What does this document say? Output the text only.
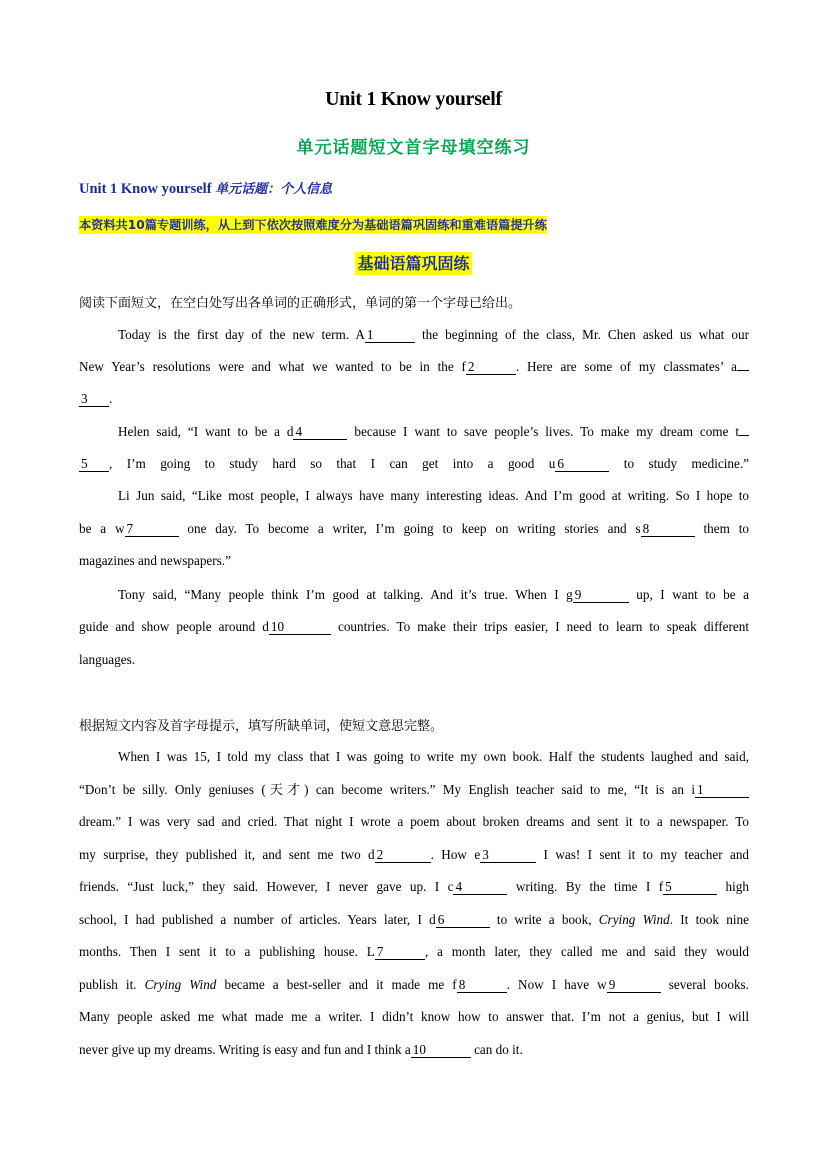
Unit 1 Know yourself
单元话题短文首字母填空练习
Unit 1 Know yourself 单元话题：个人信息
本资料共10篇专题训练，从上到下依次按照难度分为基础语篇巩固练和重难语篇提升练
基础语篇巩固练
阅读下面短文，在空白处写出各单词的正确形式，单词的第一个字母已给出。
Today is the first day of the new term. A 1	the beginning of the class, Mr. Chen asked us what our
New Year’s resolutions were and what we wanted to be in the f 2	. Here are some of my classmates’ a
3 .
Helen said, “I want to be a d 4	because I want to save people’s lives. To make my dream come t
5 , I’m going to study hard so that I can get into a good u 6	to study medicine.”
Li Jun said, “Like most people, I always have many interesting ideas. And I’m good at writing. So I hope to
be a w 7	one day. To become a writer, I’m going to keep on writing stories and s 8	them to
magazines and newspapers.”
Tony said, “Many people think I’m good at talking. And it’s true. When I g 9	up, I want to be a
guide and show people around d 10	countries. To make their trips easier, I need to learn to speak different
languages.
根据短文内容及首字母提示，填写所缺单词，使短文意思完整。
When I was 15, I told my class that I was going to write my own book. Half the students laughed and said,
“Don’t be silly. Only geniuses (天才) can become writers.” My English teacher said to me, “It is an i 1
dream.” I was very sad and cried. That night I wrote a poem about broken dreams and sent it to a newspaper. To
my surprise, they published it, and sent me two d 2	. How e 3	I was! I sent it to my teacher and
friends. “Just luck,” they said. However, I never gave up. I c 4	writing. By the time I f 5	high
school, I had published a number of articles. Years later, I d 6	to write a book, Crying Wind. It took nine
months. Then I sent it to a publishing house. L 7	, a month later, they called me and said they would
publish it. Crying Wind became a best-seller and it made me f 8	. Now I have w 9	several books.
Many people asked me what made me a writer. I didn’t know how to answer that. I’m not a genius, but I will
never give up my dreams. Writing is easy and fun and I think a 10	can do it.
